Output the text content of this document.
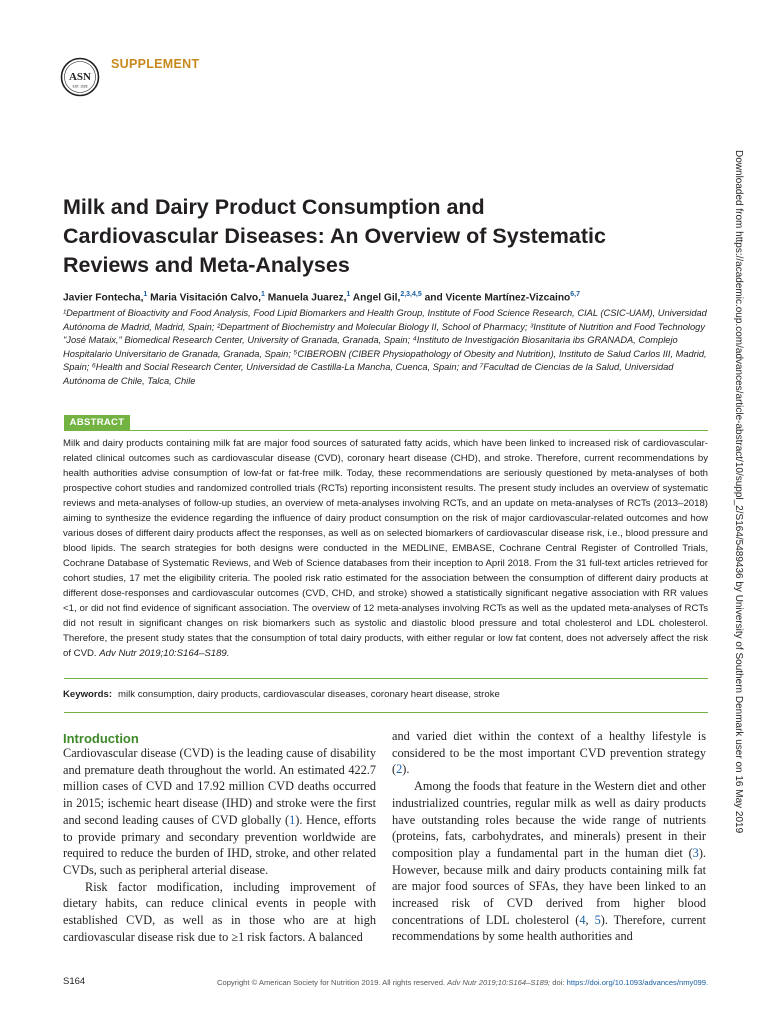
ASN
EST. 1928
SUPPLEMENT
Downloaded from https://academic.oup.com/advances/article-abstract/10/suppl_2/S164/5489436 by University of Southern Denmark user on 16 May 2019
Milk and Dairy Product Consumption and Cardiovascular Diseases: An Overview of Systematic Reviews and Meta-Analyses
Javier Fontecha,$^1$ Maria Visitación Calvo,$^1$ Manuela Juarez,$^1$ Angel Gil,$^{2,3,4,5}$ and Vicente Martínez-Vizcaino$^{6,7}$
¹Department of Bioactivity and Food Analysis, Food Lipid Biomarkers and Health Group, Institute of Food Science Research, CIAL (CSIC-UAM), Universidad Autónoma de Madrid, Madrid, Spain; ²Department of Biochemistry and Molecular Biology II, School of Pharmacy; ³Institute of Nutrition and Food Technology "José Mataix," Biomedical Research Center, University of Granada, Granada, Spain; ⁴Instituto de Investigación Biosanitaria ibs GRANADA, Complejo Hospitalario Universitario de Granada, Granada, Spain; ⁵CIBEROBN (CIBER Physiopathology of Obesity and Nutrition), Instituto de Salud Carlos III, Madrid, Spain; ⁶Health and Social Research Center, Universidad de Castilla-La Mancha, Cuenca, Spain; and ⁷Facultad de Ciencias de la Salud, Universidad Autónoma de Chile, Talca, Chile
ABSTRACT
Milk and dairy products containing milk fat are major food sources of saturated fatty acids, which have been linked to increased risk of cardiovascular-related clinical outcomes such as cardiovascular disease (CVD), coronary heart disease (CHD), and stroke. Therefore, current recommendations by health authorities advise consumption of low-fat or fat-free milk. Today, these recommendations are seriously questioned by meta-analyses of both prospective cohort studies and randomized controlled trials (RCTs) reporting inconsistent results. The present study includes an overview of systematic reviews and meta-analyses of follow-up studies, an overview of meta-analyses involving RCTs, and an update on meta-analyses of RCTs (2013–2018) aiming to synthesize the evidence regarding the influence of dairy product consumption on the risk of major cardiovascular-related outcomes and how various doses of different dairy products affect the responses, as well as on selected biomarkers of cardiovascular disease risk, i.e., blood pressure and blood lipids. The search strategies for both designs were conducted in the MEDLINE, EMBASE, Cochrane Central Register of Controlled Trials, Cochrane Database of Systematic Reviews, and Web of Science databases from their inception to April 2018. From the 31 full-text articles retrieved for cohort studies, 17 met the eligibility criteria. The pooled risk ratio estimated for the association between the consumption of different dairy products at different dose-responses and cardiovascular outcomes (CVD, CHD, and stroke) showed a statistically significant negative association with RR values <1, or did not find evidence of significant association. The overview of 12 meta-analyses involving RCTs as well as the updated meta-analyses of RCTs did not result in significant changes on risk biomarkers such as systolic and diastolic blood pressure and total cholesterol and LDL cholesterol. Therefore, the present study states that the consumption of total dairy products, with either regular or low fat content, does not adversely affect the risk of CVD. Adv Nutr 2019;10:S164–S189.
Keywords: milk consumption, dairy products, cardiovascular diseases, coronary heart disease, stroke
Introduction

Cardiovascular disease (CVD) is the leading cause of disability and premature death throughout the world. An estimated 422.7 million cases of CVD and 17.92 million CVD deaths occurred in 2015; ischemic heart disease (IHD) and stroke were the first and second leading causes of CVD globally (1). Hence, efforts to provide primary and secondary prevention worldwide are required to reduce the burden of IHD, stroke, and other related CVDs, such as peripheral arterial disease.

Risk factor modification, including improvement of dietary habits, can reduce clinical events in people with established CVD, as well as in those who are at high cardiovascular disease risk due to ≥1 risk factors. A balanced

and varied diet within the context of a healthy lifestyle is considered to be the most important CVD prevention strategy (2).

Among the foods that feature in the Western diet and other industrialized countries, regular milk as well as dairy products have outstanding roles because the wide range of nutrients (proteins, fats, carbohydrates, and minerals) present in their composition play a fundamental part in the human diet (3). However, because milk and dairy products containing milk fat are major food sources of SFAs, they have been linked to an increased risk of CVD derived from higher blood concentrations of LDL cholesterol (4, 5). Therefore, current recommendations by some health authorities and

S164	Copyright © American Society for Nutrition 2019. All rights reserved. Adv Nutr 2019;10:S164–S189; doi: https://doi.org/10.1093/advances/nmy099.
